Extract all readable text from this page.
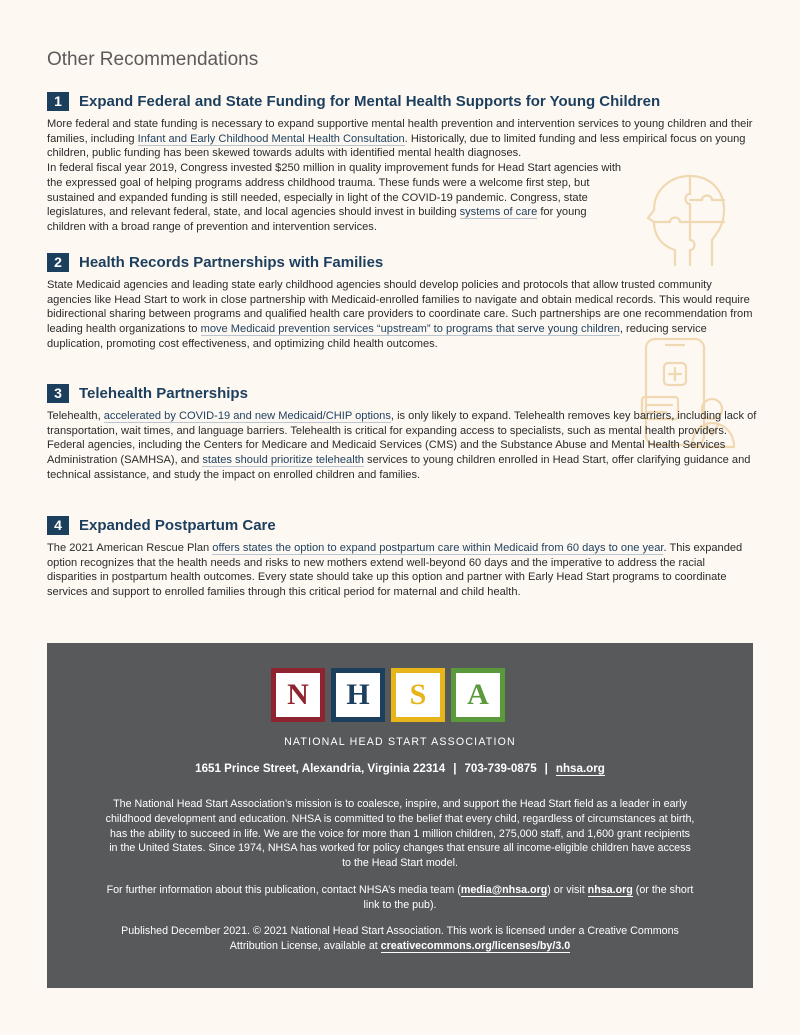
Other Recommendations
1	Expand Federal and State Funding for Mental Health Supports for Young Children

More federal and state funding is necessary to expand supportive mental health prevention and intervention services to young children and their families, including Infant and Early Childhood Mental Health Consultation. Historically, due to limited funding and less empirical focus on young children, public funding has been skewed towards adults with identified mental health diagnoses.

In federal fiscal year 2019, Congress invested $250 million in quality improvement funds for Head Start agencies with the expressed goal of helping programs address childhood trauma. These funds were a welcome first step, but sustained and expanded funding is still needed, especially in light of the COVID-19 pandemic. Congress, state legislatures, and relevant federal, state, and local agencies should invest in building systems of care for young children with a broad range of prevention and intervention services.

2	Health Records Partnerships with Families

State Medicaid agencies and leading state early childhood agencies should develop policies and protocols that allow trusted community agencies like Head Start to work in close partnership with Medicaid-enrolled families to navigate and obtain medical records. This would require bidirectional sharing between programs and qualified health care providers to coordinate care. Such partnerships are one recommendation from leading health organizations to move Medicaid prevention services “upstream” to programs that serve young children, reducing service duplication, promoting cost effectiveness, and optimizing child health outcomes.

3	Telehealth Partnerships

Telehealth, accelerated by COVID-19 and new Medicaid/CHIP options, is only likely to expand. Telehealth removes key barriers, including lack of transportation, wait times, and language barriers. Telehealth is critical for expanding access to specialists, such as mental health providers. Federal agencies, including the Centers for Medicare and Medicaid Services (CMS) and the Substance Abuse and Mental Health Services Administration (SAMHSA), and states should prioritize telehealth services to young children enrolled in Head Start, offer clarifying guidance and technical assistance, and study the impact on enrolled children and families.

4	Expanded Postpartum Care

The 2021 American Rescue Plan offers states the option to expand postpartum care within Medicaid from 60 days to one year. This expanded option recognizes that the health needs and risks to new mothers extend well-beyond 60 days and the imperative to address the racial disparities in postpartum health outcomes. Every state should take up this option and partner with Early Head Start programs to coordinate services and support to enrolled families through this critical period for maternal and child health.

N	H	S	A
NATIONAL HEAD START ASSOCIATION
1651 Prince Street, Alexandria, Virginia 22314 | 703-739-0875 | nhsa.org

The National Head Start Association’s mission is to coalesce, inspire, and support the Head Start field as a leader in early childhood development and education. NHSA is committed to the belief that every child, regardless of circumstances at birth, has the ability to succeed in life. We are the voice for more than 1 million children, 275,000 staff, and 1,600 grant recipients in the United States. Since 1974, NHSA has worked for policy changes that ensure all income-eligible children have access to the Head Start model.

For further information about this publication, contact NHSA’s media team (media@nhsa.org) or visit nhsa.org (or the short link to the pub).

Published December 2021. © 2021 National Head Start Association. This work is licensed under a Creative Commons Attribution License, available at creativecommons.org/licenses/by/3.0
